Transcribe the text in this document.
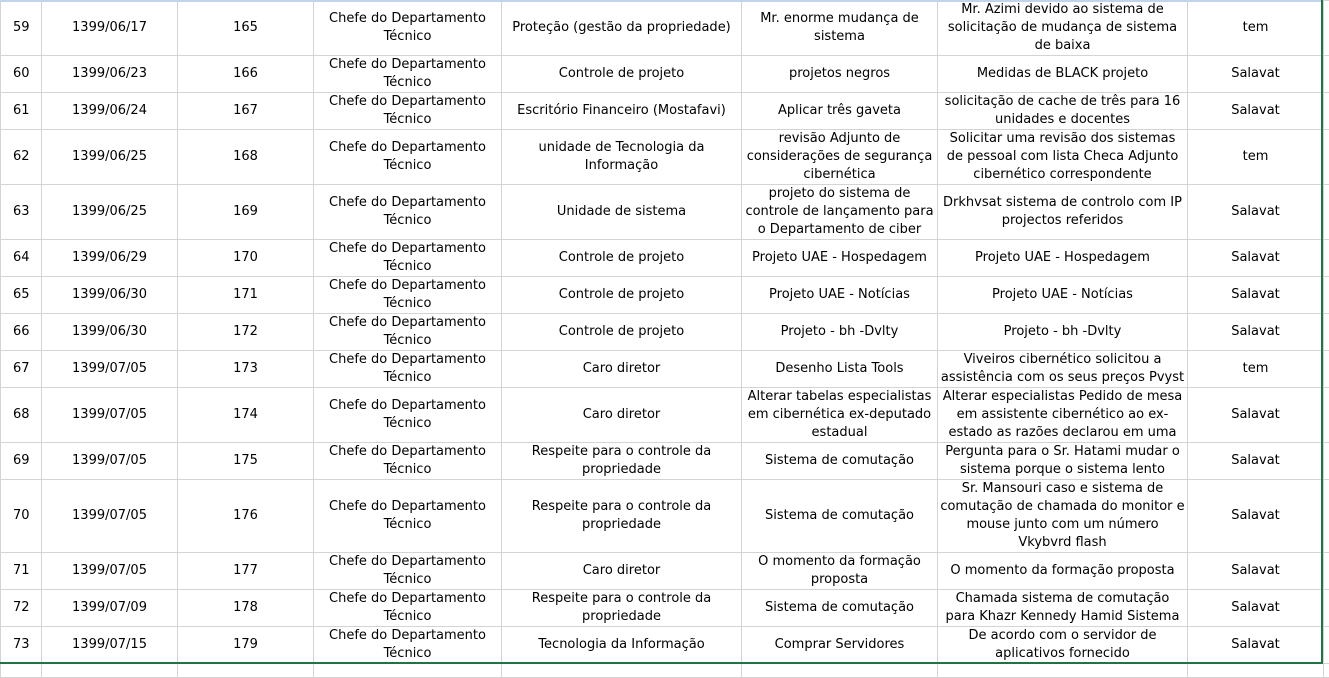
59	1399/06/17	165	Chefe do Departamento Técnico	Proteção (gestão da propriedade)	Mr. enorme mudança de sistema	Mr. Azimi devido ao sistema de solicitação de mudança de sistema de baixa	tem	
60	1399/06/23	166	Chefe do Departamento Técnico	Controle de projeto	projetos negros	Medidas de BLACK projeto	Salavat	
61	1399/06/24	167	Chefe do Departamento Técnico	Escritório Financeiro (Mostafavi)	Aplicar três gaveta	solicitação de cache de três para 16 unidades e docentes	Salavat	
62	1399/06/25	168	Chefe do Departamento Técnico	unidade de Tecnologia da Informação	revisão Adjunto de considerações de segurança cibernética	Solicitar uma revisão dos sistemas de pessoal com lista Checa Adjunto cibernético correspondente	tem	
63	1399/06/25	169	Chefe do Departamento Técnico	Unidade de sistema	projeto do sistema de controle de lançamento para o Departamento de ciber	Drkhvsat sistema de controlo com IP projectos referidos	Salavat	
64	1399/06/29	170	Chefe do Departamento Técnico	Controle de projeto	Projeto UAE - Hospedagem	Projeto UAE - Hospedagem	Salavat	
65	1399/06/30	171	Chefe do Departamento Técnico	Controle de projeto	Projeto UAE - Notícias	Projeto UAE - Notícias	Salavat	
66	1399/06/30	172	Chefe do Departamento Técnico	Controle de projeto	Projeto - bh -Dvlty	Projeto - bh -Dvlty	Salavat	
67	1399/07/05	173	Chefe do Departamento Técnico	Caro diretor	Desenho Lista Tools	Viveiros cibernético solicitou a assistência com os seus preços Pvyst	tem	
68	1399/07/05	174	Chefe do Departamento Técnico	Caro diretor	Alterar tabelas especialistas em cibernética ex-deputado estadual	Alterar especialistas Pedido de mesa em assistente cibernético ao ex-estado as razões declarou em uma	Salavat	
69	1399/07/05	175	Chefe do Departamento Técnico	Respeite para o controle da propriedade	Sistema de comutação	Pergunta para o Sr. Hatami mudar o sistema porque o sistema lento	Salavat	
70	1399/07/05	176	Chefe do Departamento Técnico	Respeite para o controle da propriedade	Sistema de comutação	Sr. Mansouri caso e sistema de comutação de chamada do monitor e mouse junto com um número Vkybvrd flash	Salavat	
71	1399/07/05	177	Chefe do Departamento Técnico	Caro diretor	O momento da formação proposta	O momento da formação proposta	Salavat	
72	1399/07/09	178	Chefe do Departamento Técnico	Respeite para o controle da propriedade	Sistema de comutação	Chamada sistema de comutação para Khazr Kennedy Hamid Sistema	Salavat	
73	1399/07/15	179	Chefe do Departamento Técnico	Tecnologia da Informação	Comprar Servidores	De acordo com o servidor de aplicativos fornecido	Salavat	
